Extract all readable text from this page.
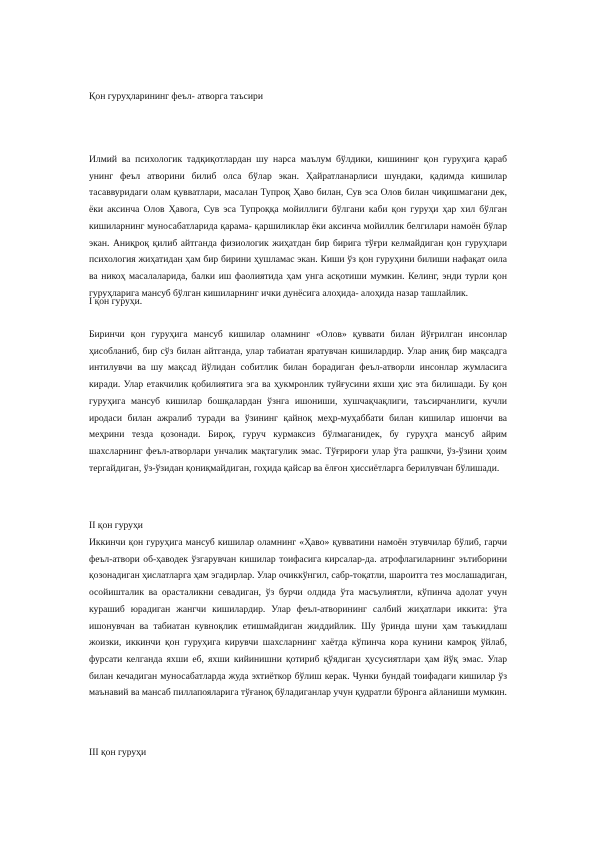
Қон гуруҳларининг феъл- атворга таъсири

Илмий ва психологик тадқиқотлардан шу нарса маълум бўлдики, кишининг қон гуруҳига қараб унинг феъл атворини билиб олса бўлар экан. Ҳайратланарлиси шундаки, қадимда кишилар тасаввуридаги олам қувватлари, масалан Тупроқ Ҳаво билан, Сув эса Олов билан чиқишмагани дек, ёки аксинча Олов Ҳавога, Сув эса Тупроққа мойиллиги бўлгани каби қон гуруҳи ҳар хил бўлган кишиларнинг муносабатларида қарама- қаршиликлар ёки аксинча мойиллик белгилари намоён бўлар экан. Аниқроқ қилиб айтганда физиологик жиҳатдан бир бирига тўғри келмайдиган қон гуруҳлари психология жиҳатидан ҳам бир бирини ҳушламас экан. Киши ўз қон гуруҳини билиши нафақат оила ва никоҳ масалаларида, балки иш фаолиятида ҳам унга асқотиши мумкин. Келинг, энди турли қон гуруҳларига мансуб бўлган кишиларнинг ички дунёсига алоҳида- алоҳида назар ташлайлик.

I қон гуруҳи.

Биринчи қон гуруҳига мансуб кишилар оламнинг «Олов» қуввати билан йўғрилган инсонлар ҳисобланиб, бир сўз билан айтганда, улар табиатан яратувчан кишилардир. Улар аниқ бир мақсадга интилувчи ва шу мақсад йўлидан собитлик билан борадиган феъл-атворли инсонлар жумласига киради. Улар етакчилик қобилиятига эга ва ҳукмронлик туйғусини яхши ҳис эта билишади. Бу қон гуруҳига мансуб кишилар бошқалардан ўзнга ишониши, хушчақчақлиги, таъсирчанлиги, кучли иродаси билан ажралиб туради ва ўзининг қайноқ меҳр-муҳаббати билан кишилар ишончи ва меҳрини тезда қозонади. Бироқ, гуруч курмаксиз бўлмаганидек, бу гуруҳга мансуб айрим шахсларнинг феъл-атворлари унчалик мақтагулик эмас. Тўғрироғи улар ўта рашкчи, ўз-ўзини ҳоим тергайдиган, ўз-ўзидан қониқмайдиган, гоҳида қайсар ва ёлғон ҳиссиётларга берилувчан бўлишади.

II қон гуруҳи

Иккинчи қон гуруҳига мансуб кишилар оламнинг «Ҳаво» қувватини намоён этувчилар бўлиб, гарчи феъл-атвори об-ҳаводек ўзгарувчан кишилар тоифасига кирсалар-да. атрофлагиларнинг эътиборини қозонадиган ҳислатларга ҳам эгадирлар. Улар очиккўнгил, сабр-тоқатли, шароитга тез мослашадиган, осойишталик ва орасталикни севадиган, ўз бурчи олдида ўта масъулиятли, кўпинча адолат учун курашиб юрадиган жангчи кишилардир. Улар феъл-атворининг салбий жиҳатлари иккита: ўта ишонувчан ва табиатан кувноқлик етишмайдиган жиддийлик. Шу ўринда шуни ҳам таъкидлаш жоизки, иккинчи қон гуруҳига кирувчи шахсларнинг хаётда кўпинча кора кунини камроқ ўйлаб, фурсати келганда яхши еб, яхши кийинишни қотириб қўядиган ҳусусиятлари ҳам йўқ эмас. Улар билан кечадиган муносабатларда жуда эхтиёткор бўлиш керак. Чунки бундай тоифадаги кишилар ўз маънавий ва мансаб пиллапояларига тўғаноқ бўладиганлар учун қудратли бўронга айланиши мумкин.

III қон гуруҳи
